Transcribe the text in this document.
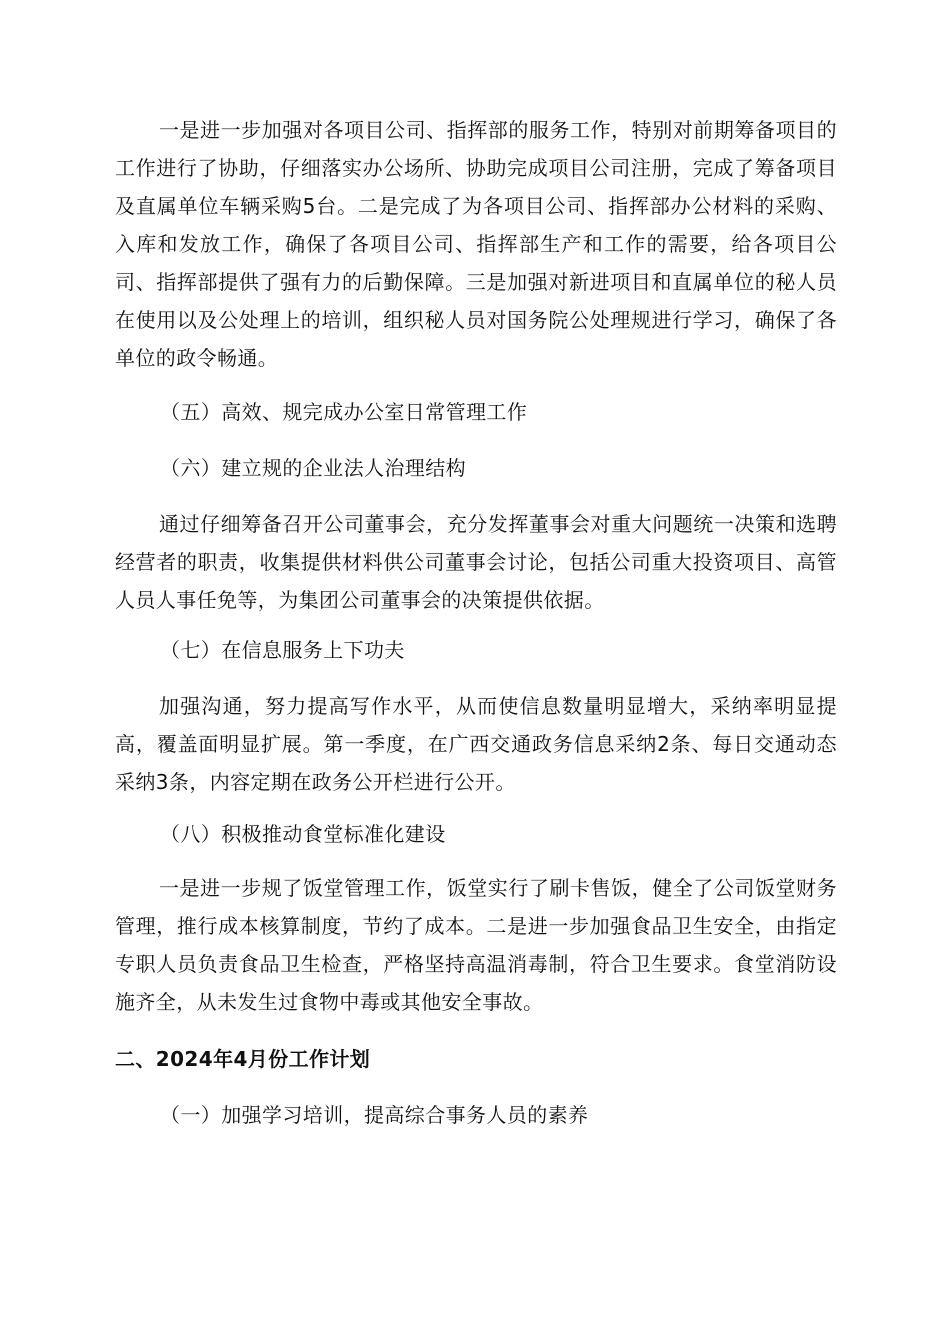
一是进一步加强对各项目公司、指挥部的服务工作，特别对前期筹备项目的工作进行了协助，仔细落实办公场所、协助完成项目公司注册，完成了筹备项目及直属单位车辆采购5台。二是完成了为各项目公司、指挥部办公材料的采购、入库和发放工作，确保了各项目公司、指挥部生产和工作的需要，给各项目公司、指挥部提供了强有力的后勤保障。三是加强对新进项目和直属单位的秘人员在使用以及公处理上的培训，组织秘人员对国务院公处理规进行学习，确保了各单位的政令畅通。

（五）高效、规完成办公室日常管理工作

（六）建立规的企业法人治理结构

通过仔细筹备召开公司董事会，充分发挥董事会对重大问题统一决策和选聘经营者的职责，收集提供材料供公司董事会讨论，包括公司重大投资项目、高管人员人事任免等，为集团公司董事会的决策提供依据。

（七）在信息服务上下功夫

加强沟通，努力提高写作水平，从而使信息数量明显增大，采纳率明显提高，覆盖面明显扩展。第一季度，在广西交通政务信息采纳2条、每日交通动态采纳3条，内容定期在政务公开栏进行公开。

（八）积极推动食堂标准化建设

一是进一步规了饭堂管理工作，饭堂实行了刷卡售饭，健全了公司饭堂财务管理，推行成本核算制度，节约了成本。二是进一步加强食品卫生安全，由指定专职人员负责食品卫生检查，严格坚持高温消毒制，符合卫生要求。食堂消防设施齐全，从未发生过食物中毒或其他安全事故。

二、2024年4月份工作计划

（一）加强学习培训，提高综合事务人员的素养
